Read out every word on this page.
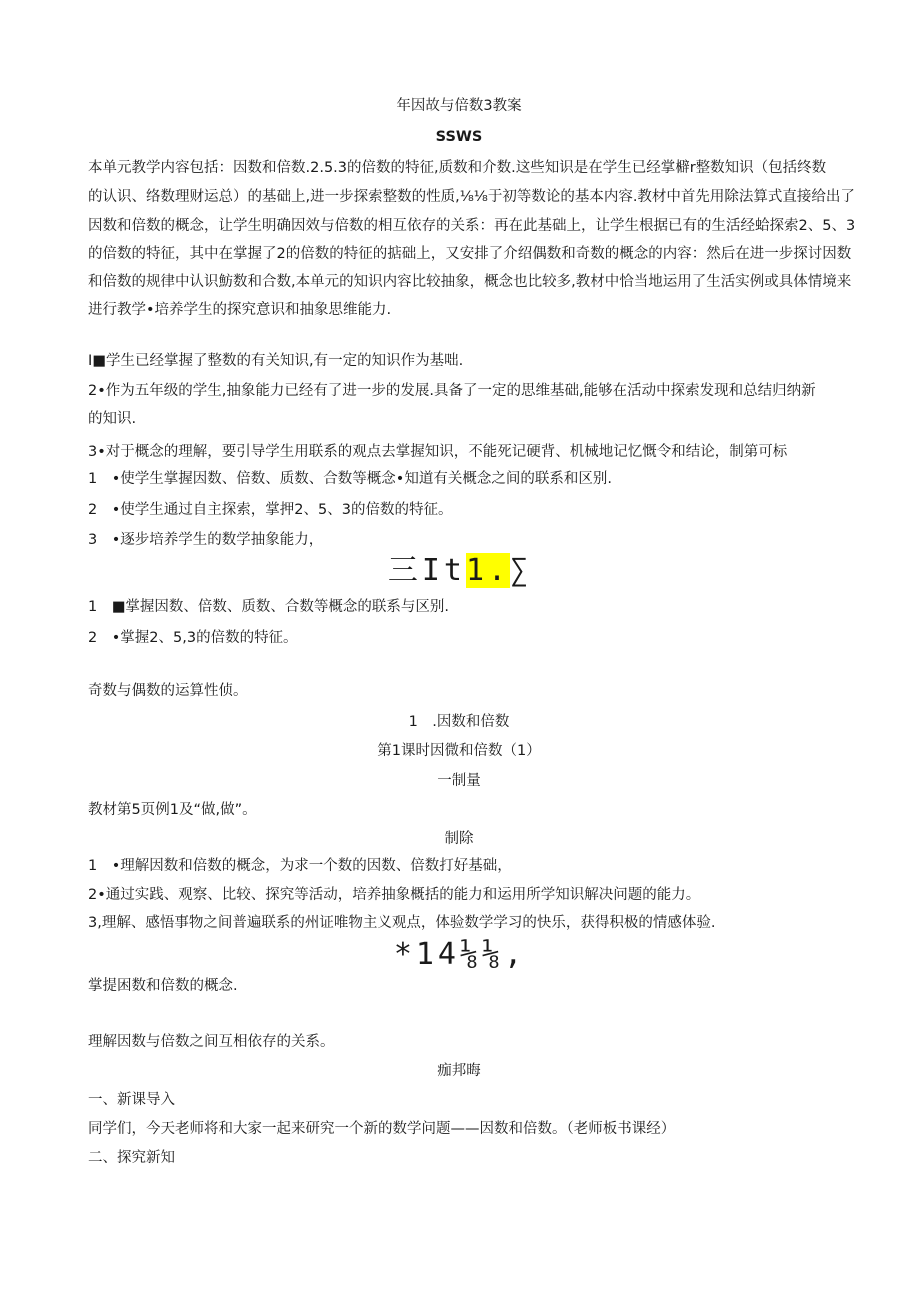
年因故与倍数3教案
SSWS
本单元教学内容包括：因数和倍数.2.5.3的倍数的特征,质数和介数.这些知识是在学生已经掌檘r整数知识（包括终数
的认识、络数理财运总）的基础上,进一步探索整数的性质,⅛⅛于初等数论的基本内容.教材中首先用除法算式直接给出了
因数和倍数的概念，让学生明确因效与倍数的相互依存的关系：再在此基础上，让学生根据已有的生活经蛤探索2、5、3
的倍数的特征，其中在掌握了2的倍数的特征的掂础上，又安排了介绍偶数和奇数的概念的内容：然后在进一步探讨因数
和倍数的规律中认识魴数和合数,本单元的知识内容比较抽象，概念也比较多,教材中恰当地运用了生活实例或具体情境来
进行教学•培养学生的探究意识和抽象思维能力.
I■学生已经掌握了整数的有关知识,有一定的知识作为基咄.
2•作为五年级的学生,抽象能力已经有了进一步的发展.具备了一定的思维基础,能够在活动中探索发现和总结归纳新
的知识.
3•对于概念的理解，要引导学生用联系的观点去掌握知识，不能死记硬背、机械地记忆慨令和结论，制第可标
1　•使学生掌握因数、倍数、质数、合数等概念•知道有关概念之间的联系和区别.
2　•使学生通过自主探索，掌押2、5、3的倍数的特征。
3　•逐步培养学生的数学抽象能力，
三It1.∑
1　■掌握因数、倍数、质数、合数等概念的联系与区别.
2　•掌握2、5,3的倍数的特征。
奇数与偶数的运算性侦。
1　.因数和倍数
第1课时因微和倍数（1）
一制量
教材第5页例1及“做,做”。
制除
1　•理解因数和倍数的概念，为求一个数的因数、倍数打好基础，
2•通过实践、观察、比较、探究等活动，培养抽象概括的能力和运用所学知识解决问题的能力。
3,理解、感悟事物之间普遍联系的州证唯物主义观点，体验数学学习的快乐，获得积极的情感体验.
*14⅛⅛,
掌提困数和倍数的概念.
理解因数与倍数之间互相依存的关系。
痂邦晦
一、新课导入
同学们，今天老师将和大家一起来研究一个新的数学问题——因数和倍数。（老师板书课经）
二、探究新知
